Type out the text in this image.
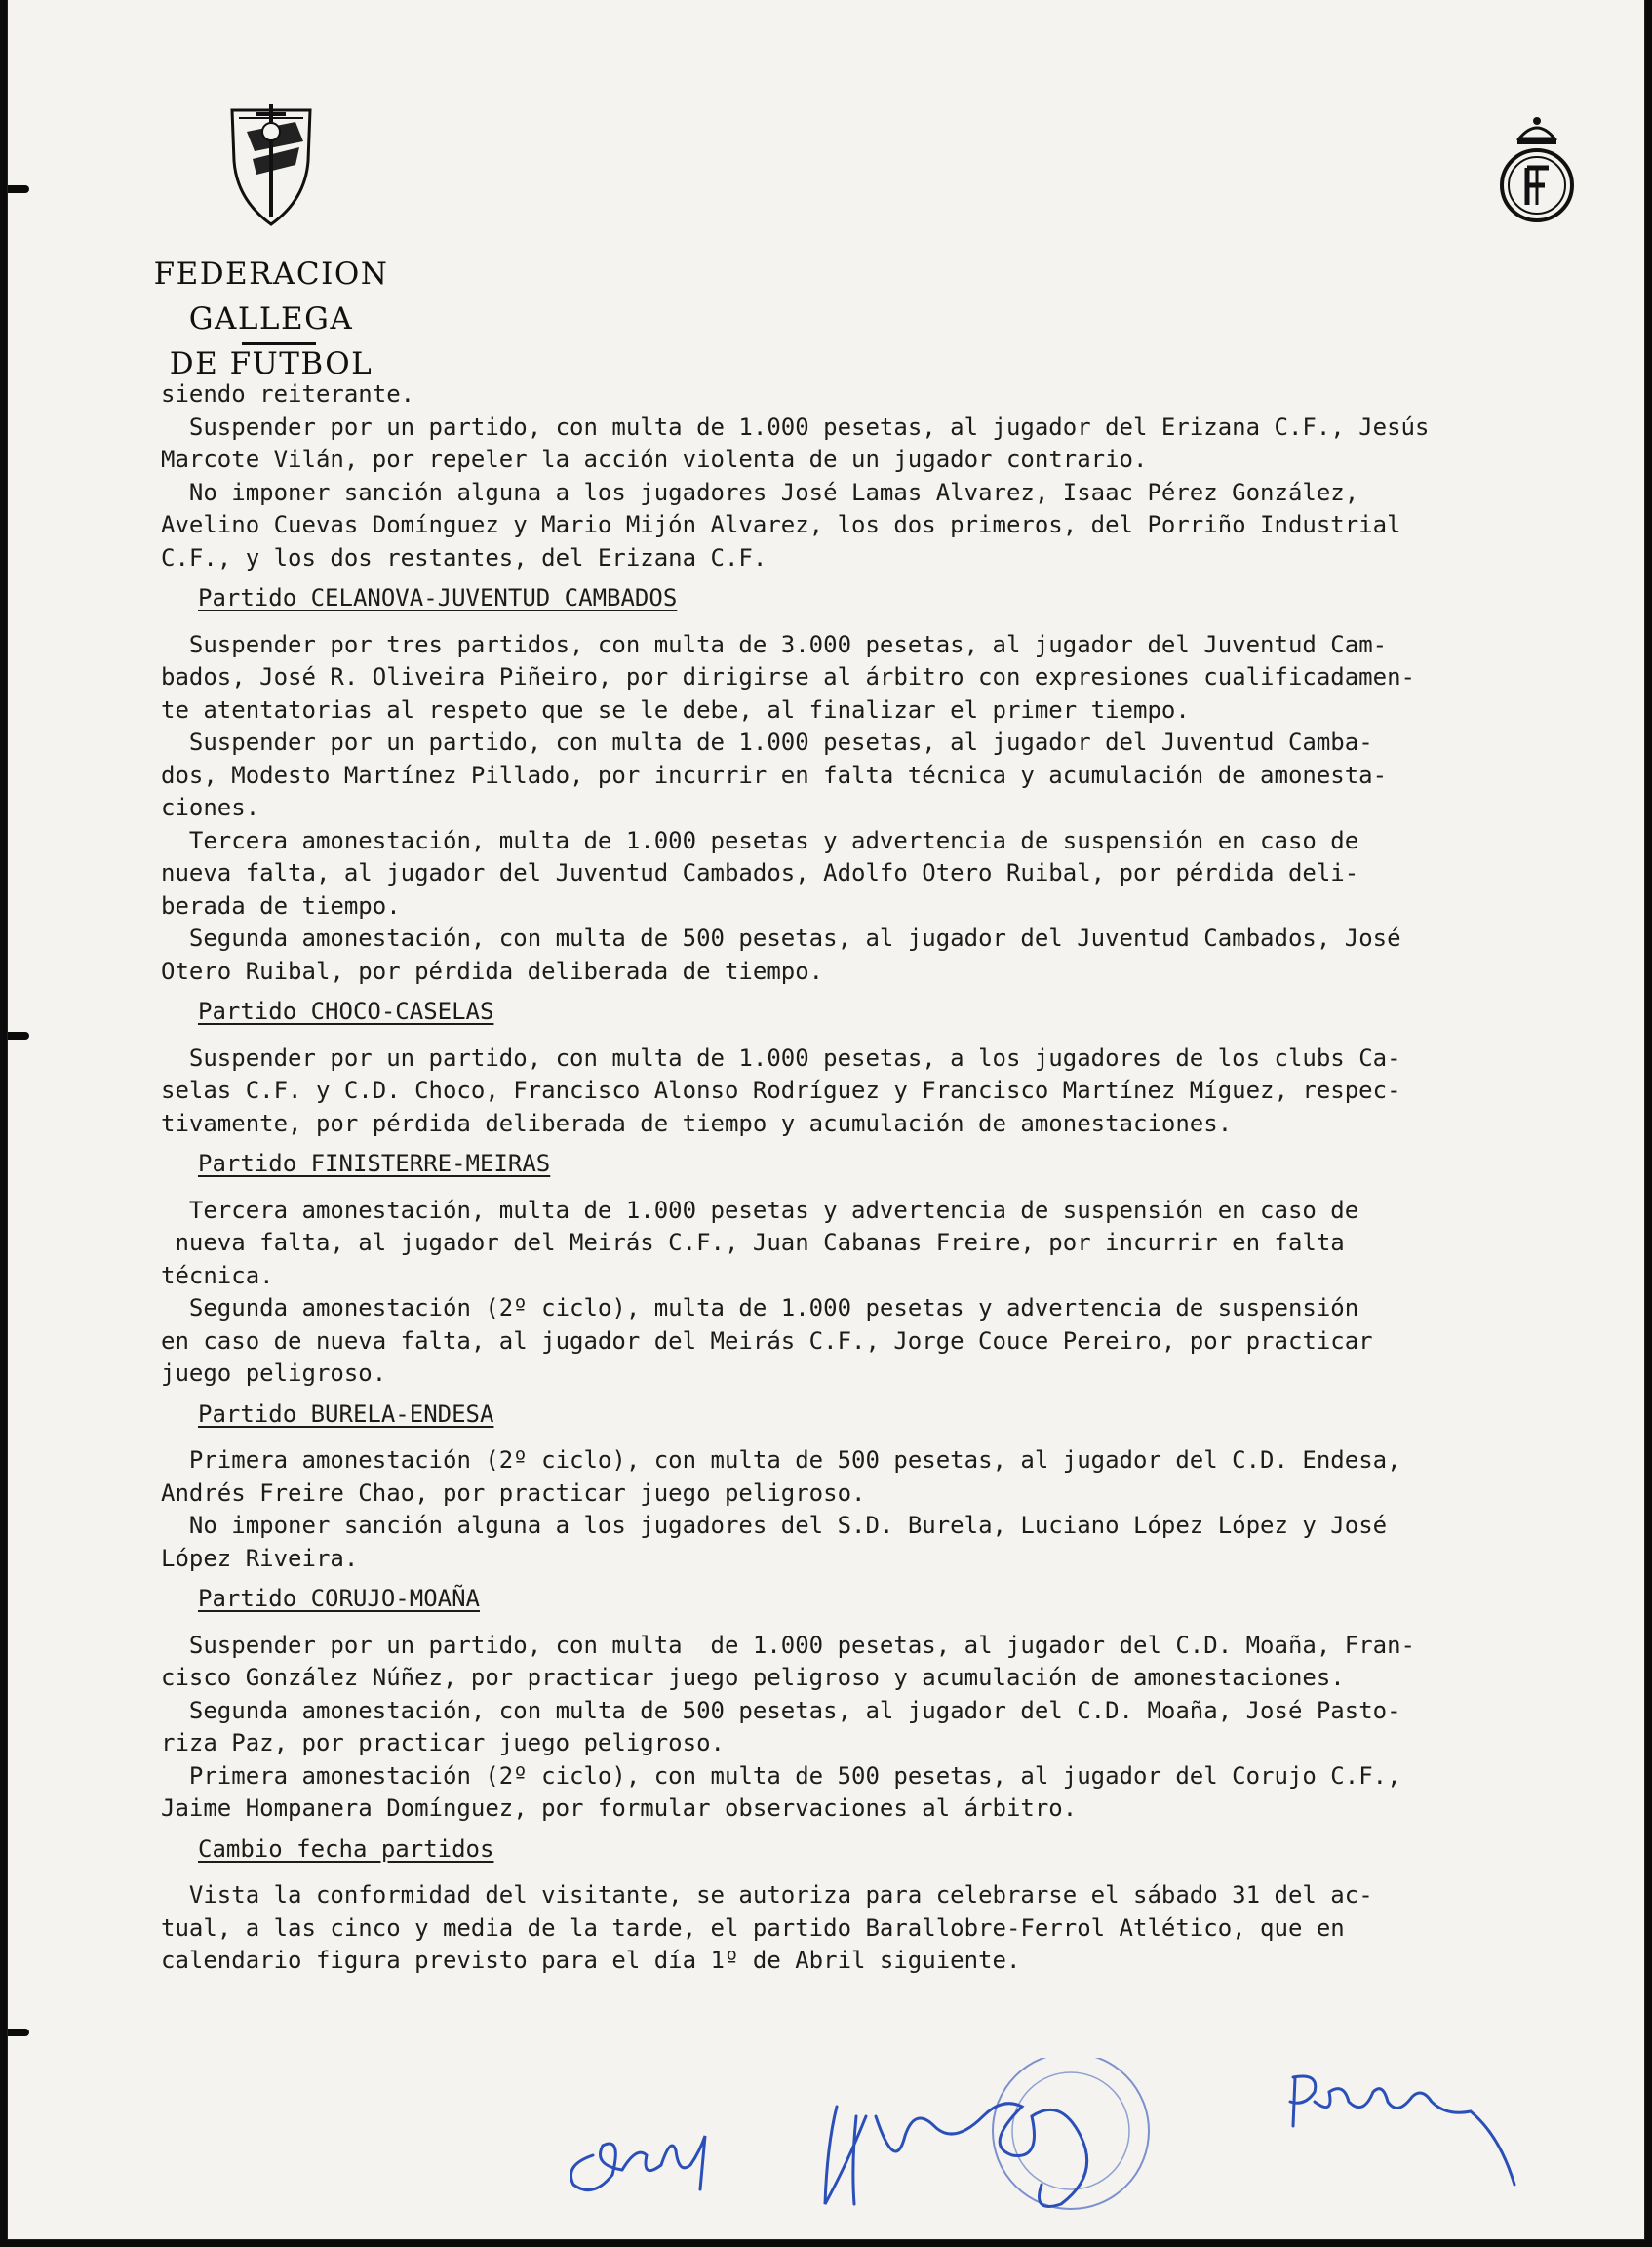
FEDERACION GALLEGA
DE FUTBOL

siendo reiterante.

Suspender por un partido, con multa de 1.000 pesetas, al jugador del Erizana C.F., Jesús

Marcote Vilán, por repeler la acción violenta de un jugador contrario.

No imponer sanción alguna a los jugadores José Lamas Alvarez, Isaac Pérez González,

Avelino Cuevas Domínguez y Mario Mijón Alvarez, los dos primeros, del Porriño Industrial

C.F., y los dos restantes, del Erizana C.F.

Partido CELANOVA-JUVENTUD CAMBADOS

Suspender por tres partidos, con multa de 3.000 pesetas, al jugador del Juventud Cam-

bados, José R. Oliveira Piñeiro, por dirigirse al árbitro con expresiones cualificadamen-

te atentatorias al respeto que se le debe, al finalizar el primer tiempo.

Suspender por un partido, con multa de 1.000 pesetas, al jugador del Juventud Camba-

dos, Modesto Martínez Pillado, por incurrir en falta técnica y acumulación de amonesta-

ciones.

Tercera amonestación, multa de 1.000 pesetas y advertencia de suspensión en caso de

nueva falta, al jugador del Juventud Cambados, Adolfo Otero Ruibal, por pérdida deli-

berada de tiempo.

Segunda amonestación, con multa de 500 pesetas, al jugador del Juventud Cambados, José

Otero Ruibal, por pérdida deliberada de tiempo.

Partido CHOCO-CASELAS

Suspender por un partido, con multa de 1.000 pesetas, a los jugadores de los clubs Ca-

selas C.F. y C.D. Choco, Francisco Alonso Rodríguez y Francisco Martínez Míguez, respec-

tivamente, por pérdida deliberada de tiempo y acumulación de amonestaciones.

Partido FINISTERRE-MEIRAS

Tercera amonestación, multa de 1.000 pesetas y advertencia de suspensión en caso de

nueva falta, al jugador del Meirás C.F., Juan Cabanas Freire, por incurrir en falta

técnica.

Segunda amonestación (2º ciclo), multa de 1.000 pesetas y advertencia de suspensión

en caso de nueva falta, al jugador del Meirás C.F., Jorge Couce Pereiro, por practicar

juego peligroso.

Partido BURELA-ENDESA

Primera amonestación (2º ciclo), con multa de 500 pesetas, al jugador del C.D. Endesa,

Andrés Freire Chao, por practicar juego peligroso.

No imponer sanción alguna a los jugadores del S.D. Burela, Luciano López López y José

López Riveira.

Partido CORUJO-MOAÑA

Suspender por un partido, con multa  de 1.000 pesetas, al jugador del C.D. Moaña, Fran-

cisco González Núñez, por practicar juego peligroso y acumulación de amonestaciones.

Segunda amonestación, con multa de 500 pesetas, al jugador del C.D. Moaña, José Pasto-

riza Paz, por practicar juego peligroso.

Primera amonestación (2º ciclo), con multa de 500 pesetas, al jugador del Corujo C.F.,

Jaime Hompanera Domínguez, por formular observaciones al árbitro.

Cambio fecha partidos

Vista la conformidad del visitante, se autoriza para celebrarse el sábado 31 del ac-

tual, a las cinco y media de la tarde, el partido Barallobre-Ferrol Atlético, que en

calendario figura previsto para el día 1º de Abril siguiente.
